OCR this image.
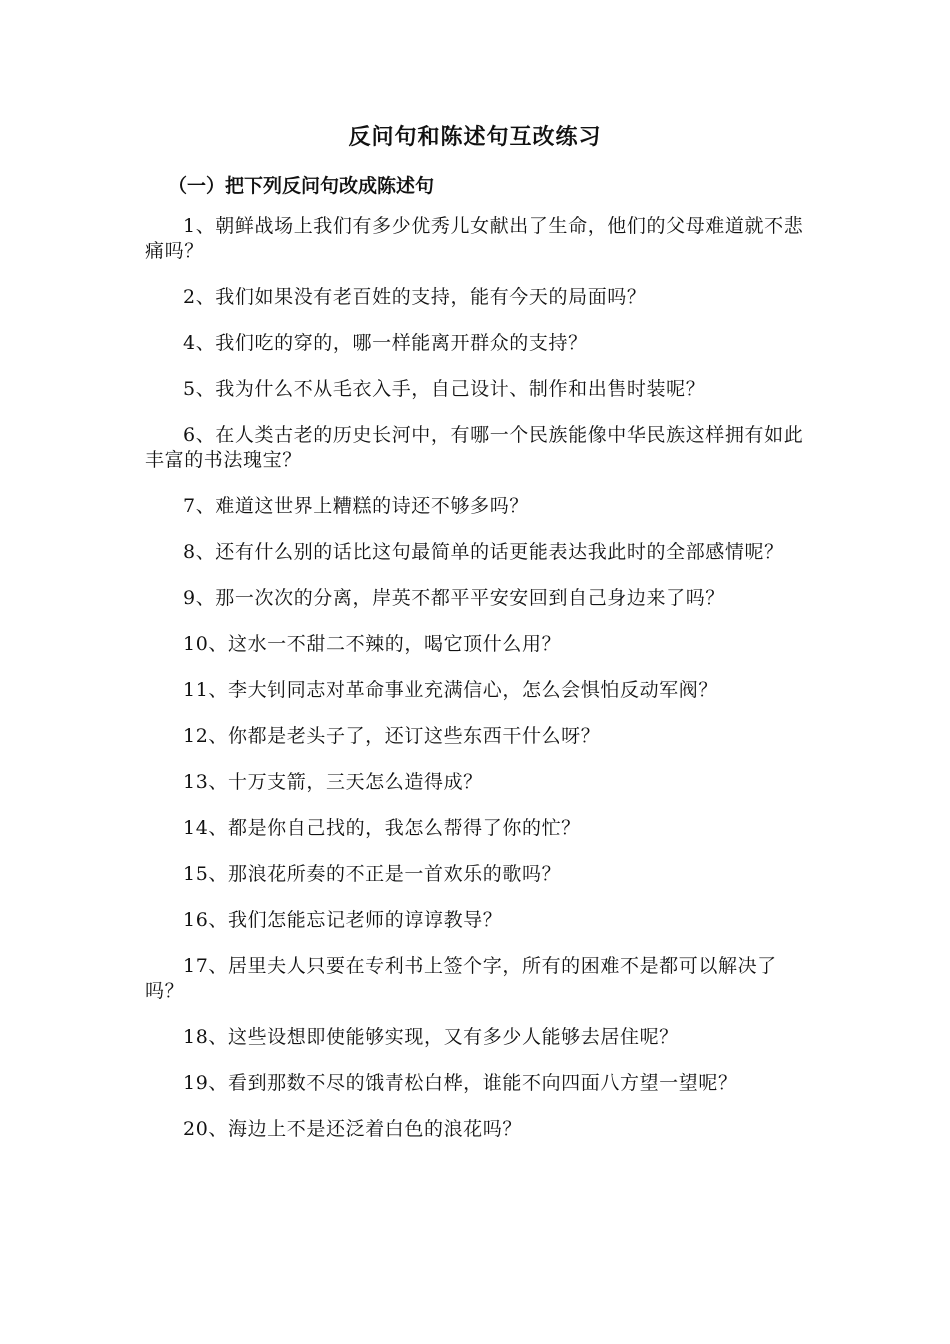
反问句和陈述句互改练习
（一）把下列反问句改成陈述句

1、朝鲜战场上我们有多少优秀儿女献出了生命，他们的父母难道就不悲痛吗？

2、我们如果没有老百姓的支持，能有今天的局面吗？

4、我们吃的穿的，哪一样能离开群众的支持？

5、我为什么不从毛衣入手，自己设计、制作和出售时装呢？

6、在人类古老的历史长河中，有哪一个民族能像中华民族这样拥有如此丰富的书法瑰宝？

7、难道这世界上糟糕的诗还不够多吗？

8、还有什么别的话比这句最简单的话更能表达我此时的全部感情呢？

9、那一次次的分离，岸英不都平平安安回到自己身边来了吗？

10、这水一不甜二不辣的，喝它顶什么用？

11、李大钊同志对革命事业充满信心，怎么会惧怕反动军阀？

12、你都是老头子了，还订这些东西干什么呀？

13、十万支箭，三天怎么造得成？

14、都是你自己找的，我怎么帮得了你的忙？

15、那浪花所奏的不正是一首欢乐的歌吗？

16、我们怎能忘记老师的谆谆教导？

17、居里夫人只要在专利书上签个字，所有的困难不是都可以解决了吗？

18、这些设想即使能够实现，又有多少人能够去居住呢？

19、看到那数不尽的饿青松白桦，谁能不向四面八方望一望呢？

20、海边上不是还泛着白色的浪花吗？
